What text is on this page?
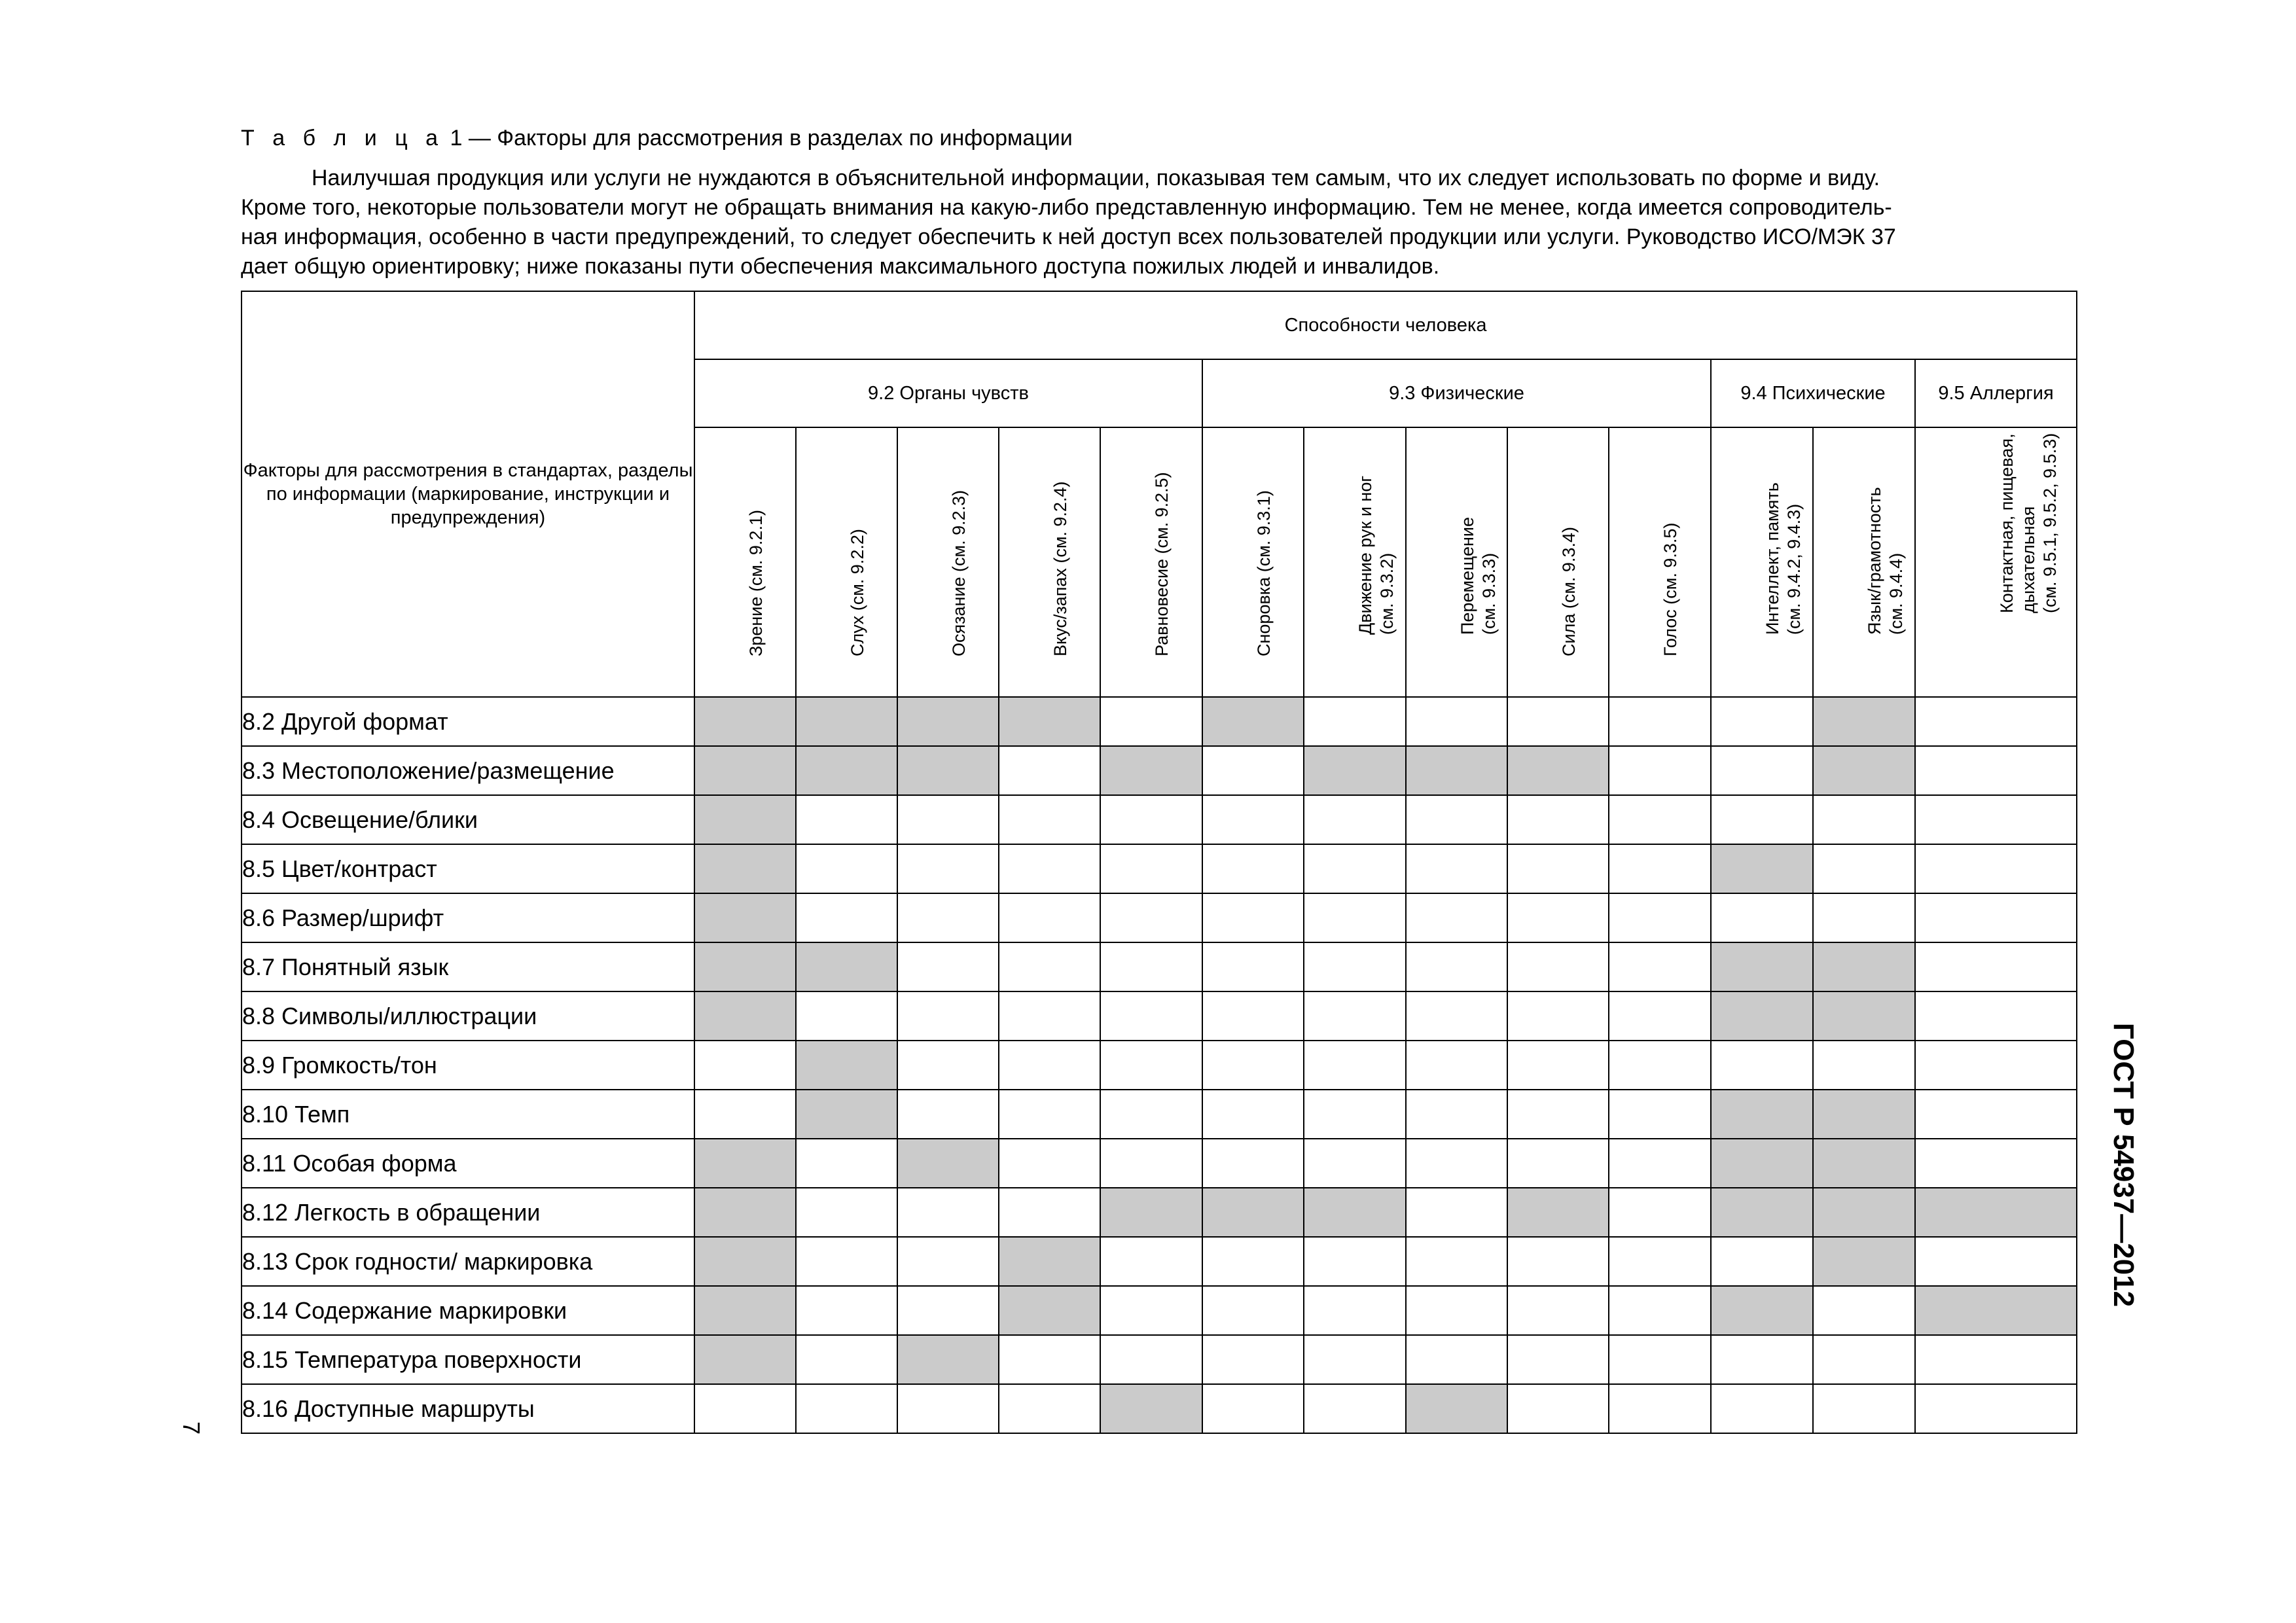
Т а б л и ц а 1 — Факторы для рассмотрения в разделах по информации

Наилучшая продукция или услуги не нуждаются в объяснительной информации, показывая тем самым, что их следует использовать по форме и виду.

Кроме того, некоторые пользователи могут не обращать внимания на какую-либо представленную информацию. Тем не менее, когда имеется сопроводитель-

ная информация, особенно в части предупреждений, то следует обеспечить к ней доступ всех пользователей продукции или услуги. Руководство ИСО/МЭК 37

дает общую ориентировку; ниже показаны пути обеспечения максимального доступа пожилых людей и инвалидов.

Факторы для рассмотрения в стандартах, разделы по информации (маркирование, инструкции и предупреждения)	Способности человека												
	9.2 Органы чувств					9.3 Физические					9.4 Психические		9.5 Аллергия

	Зрение (см. 9.2.1)	Слух (см. 9.2.2)	Осязание (см. 9.2.3)	Вкус/запах (см. 9.2.4)	Равновесие (см. 9.2.5)	Сноровка (см. 9.3.1)	Движение рук и ног (см. 9.3.2)	Перемещение (см. 9.3.3)	Сила (см. 9.3.4)	Голос (см. 9.3.5)	Интеллект, память (см. 9.4.2, 9.4.3)	Язык/грамотность (см. 9.4.4)	Контактная, пищевая, дыхательная (см. 9.5.1, 9.5.2, 9.5.3)

8.2 Другой формат													
8.3 Местоположение/размещение													
8.4 Освещение/блики													
8.5 Цвет/контраст													
8.6 Размер/шрифт													
8.7 Понятный язык													
8.8 Символы/иллюстрации													
8.9 Громкость/тон													
8.10 Темп													
8.11 Особая форма													
8.12 Легкость в обращении													
8.13 Срок годности/ маркировка													
8.14 Содержание маркировки													
8.15 Температура поверхности													
8.16 Доступные маршруты													
ГОСТ Р 54937—2012
7
